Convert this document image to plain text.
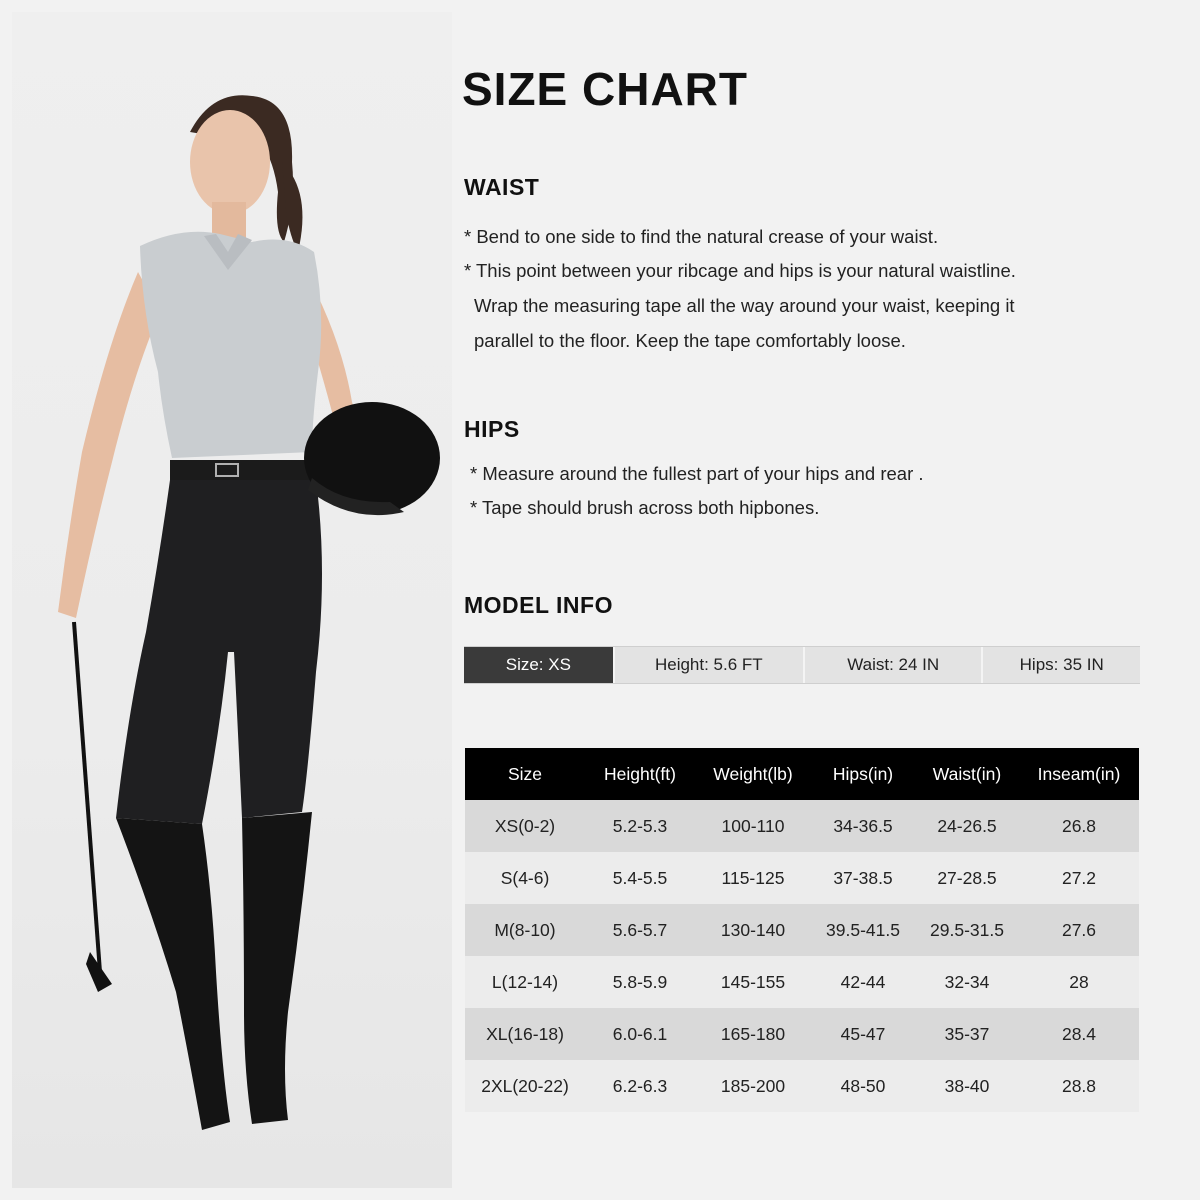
SIZE CHART
WAIST

* Bend to one side to find the natural crease of your waist.

* This point between your ribcage and hips is your natural waistline.

Wrap the measuring tape all the way around your waist, keeping it

parallel to the floor. Keep the tape comfortably loose.

HIPS

* Measure around the fullest part of your hips and rear .

* Tape should brush across both hipbones.

MODEL INFO
Size: XS	Height: 5.6 FT	Waist: 24 IN	Hips: 35 IN
Size	Height(ft)	Weight(lb)	Hips(in)	Waist(in)	Inseam(in)
XS(0-2)	5.2-5.3	100-110	34-36.5	24-26.5	26.8
S(4-6)	5.4-5.5	115-125	37-38.5	27-28.5	27.2
M(8-10)	5.6-5.7	130-140	39.5-41.5	29.5-31.5	27.6
L(12-14)	5.8-5.9	145-155	42-44	32-34	28
XL(16-18)	6.0-6.1	165-180	45-47	35-37	28.4
2XL(20-22)	6.2-6.3	185-200	48-50	38-40	28.8
